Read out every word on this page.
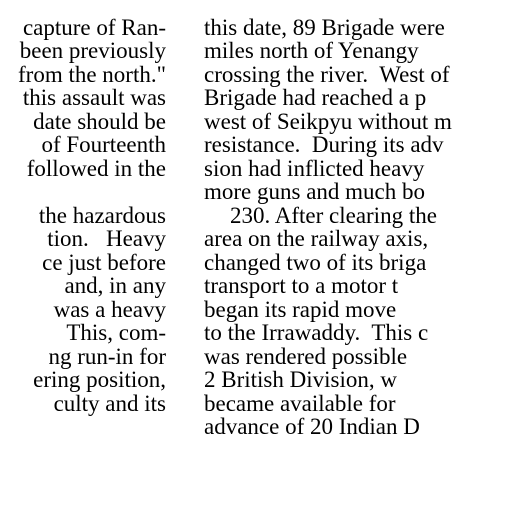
capture of Ran-
been previously
from the north."
this assault was
date should be
of Fourteenth
followed in the
the hazardous
tion.   Heavy
ce just before
and, in any
was a heavy
This, com-
ng run-in for
ering position,
culty and its
this date, 89 Brigade were
miles north of Yenangy
crossing the river.  West of
Brigade had reached a p
west of Seikpyu without m
resistance.  During its adv
sion had inflicted heavy
more guns and much bo
230. After clearing the
area on the railway axis,
changed two of its briga
transport to a motor t
began its rapid move
to the Irrawaddy.  This c
was rendered possible
2 British Division, w
became available for
advance of 20 Indian D
